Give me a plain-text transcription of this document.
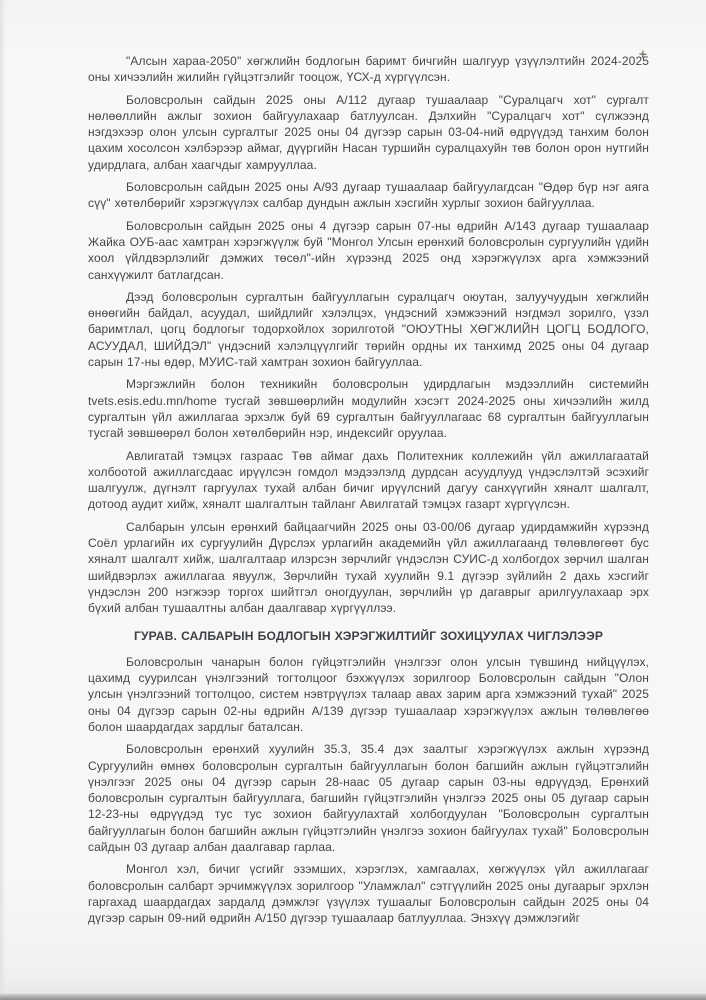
"Алсын хараа-2050" хөгжлийн бодлогын баримт бичгийн шалгуур үзүүлэлтийн 2024-2025 оны хичээлийн жилийн гүйцэтгэлийг тооцож, ҮСХ-д хүргүүлсэн.

Боловсролын сайдын 2025 оны А/112 дугаар тушаалаар "Суралцагч хот" сургалт нөлөөллийн ажлыг зохион байгуулахаар батлуулсан. Дэлхийн "Суралцагч хот" сүлжээнд нэгдэхээр олон улсын сургалтыг 2025 оны 04 дүгээр сарын 03-04-ний өдрүүдэд танхим болон цахим хосолсон хэлбэрээр аймаг, дүүргийн Насан туршийн суралцахуйн төв болон орон нутгийн удирдлага, албан хаагчдыг хамрууллаа.

Боловсролын сайдын 2025 оны А/93 дугаар тушаалаар байгуулагдсан "Өдөр бүр нэг аяга сүү" хөтөлбөрийг хэрэгжүүлэх салбар дундын ажлын хэсгийн хурлыг зохион байгууллаа.

Боловсролын сайдын 2025 оны 4 дүгээр сарын 07-ны өдрийн А/143 дугаар тушаалаар Жайка ОУБ-аас хамтран хэрэгжүүлж буй "Монгол Улсын ерөнхий боловсролын сургуулийн үдийн хоол үйлдвэрлэлийг дэмжих төсөл"-ийн хүрээнд 2025 онд хэрэгжүүлэх арга хэмжээний санхүүжилт батлагдсан.

Дээд боловсролын сургалтын байгууллагын суралцагч оюутан, залуучуудын хөгжлийн өнөөгийн байдал, асуудал, шийдлийг хэлэлцэх, үндэсний хэмжээний нэгдмэл зорилго, үзэл баримтлал, цогц бодлогыг тодорхойлох зорилготой "ОЮУТНЫ ХӨГЖЛИЙН ЦОГЦ БОДЛОГО, АСУУДАЛ, ШИЙДЭЛ" үндэсний хэлэлцүүлгийг төрийн ордны их танхимд 2025 оны 04 дугаар сарын 17-ны өдөр, МУИС-тай хамтран зохион байгууллаа.

Мэргэжлийн болон техникийн боловсролын удирдлагын мэдээллийн системийн tvets.esis.edu.mn/home тусгай зөвшөөрлийн модулийн хэсэгт 2024-2025 оны хичээлийн жилд сургалтын үйл ажиллагаа эрхэлж буй 69 сургалтын байгууллагаас 68 сургалтын байгууллагын тусгай зөвшөөрөл болон хөтөлбөрийн нэр, индексийг оруулаа.

Авлигатай тэмцэх газраас Төв аймаг дахь Политехник коллежийн үйл ажиллагаатай холбоотой ажиллагсдаас ирүүлсэн гомдол мэдээлэлд дурдсан асуудлууд үндэслэлтэй эсэхийг шалгуулж, дүгнэлт гаргуулах тухай албан бичиг ирүүлсний дагуу санхүүгийн хяналт шалгалт, дотоод аудит хийж, хяналт шалгалтын тайланг Авилгатай тэмцэх газарт хүргүүлсэн.

Салбарын улсын ерөнхий байцаагчийн 2025 оны 03-00/06 дугаар удирдамжийн хүрээнд Соёл урлагийн их сургуулийн Дүрслэх урлагийн академийн үйл ажиллагаанд төлөвлөгөөт бус хяналт шалгалт хийж, шалгалтаар илэрсэн зөрчлийг үндэслэн СУИС-д холбогдох зөрчил шалган шийдвэрлэх ажиллагаа явуулж, Зөрчлийн тухай хуулийн 9.1 дүгээр зүйлийн 2 дахь хэсгийг үндэслэн 200 нэгжээр торгох шийтгэл оногдуулан, зөрчлийн үр дагаврыг арилгуулахаар эрх бүхий албан тушаалтны албан даалгавар хүргүүллээ.

ГУРАВ. САЛБАРЫН БОДЛОГЫН ХЭРЭГЖИЛТИЙГ ЗОХИЦУУЛАХ ЧИГЛЭЛЭЭР

Боловсролын чанарын болон гүйцэтгэлийн үнэлгээг олон улсын түвшинд нийцүүлэх, цахимд суурилсан үнэлгээний тогтолцоог бэхжүүлэх зорилгоор Боловсролын сайдын "Олон улсын үнэлгээний тогтолцоо, систем нэвтрүүлэх талаар авах зарим арга хэмжээний тухай" 2025 оны 04 дүгээр сарын 02-ны өдрийн А/139 дүгээр тушаалаар хэрэгжүүлэх ажлын төлөвлөгөө болон шаардагдах зардлыг баталсан.

Боловсролын ерөнхий хуулийн 35.3, 35.4 дэх заалтыг хэрэгжүүлэх ажлын хүрээнд Сургуулийн өмнөх боловсролын сургалтын байгууллагын болон багшийн ажлын гүйцэтгэлийн үнэлгээг 2025 оны 04 дүгээр сарын 28-наас 05 дугаар сарын 03-ны өдрүүдэд, Ерөнхий боловсролын сургалтын байгууллага, багшийн гүйцэтгэлийн үнэлгээ 2025 оны 05 дугаар сарын 12-23-ны өдрүүдэд тус тус зохион байгуулахтай холбогдуулан "Боловсролын сургалтын байгууллагын болон багшийн ажлын гүйцэтгэлийн үнэлгээ зохион байгуулах тухай" Боловсролын сайдын 03 дугаар албан даалгавар гарлаа.

Монгол хэл, бичиг үсгийг эзэмших, хэрэглэх, хамгаалах, хөгжүүлэх үйл ажиллагааг боловсролын салбарт эрчимжүүлэх зорилгоор "Уламжлал" сэтгүүлийн 2025 оны дугаарыг эрхлэн гаргахад шаардагдах зардалд дэмжлэг үзүүлэх тушаалыг Боловсролын сайдын 2025 оны 04 дүгээр сарын 09-ний өдрийн А/150 дүгээр тушаалаар батлууллаа. Энэхүү дэмжлэгийг
